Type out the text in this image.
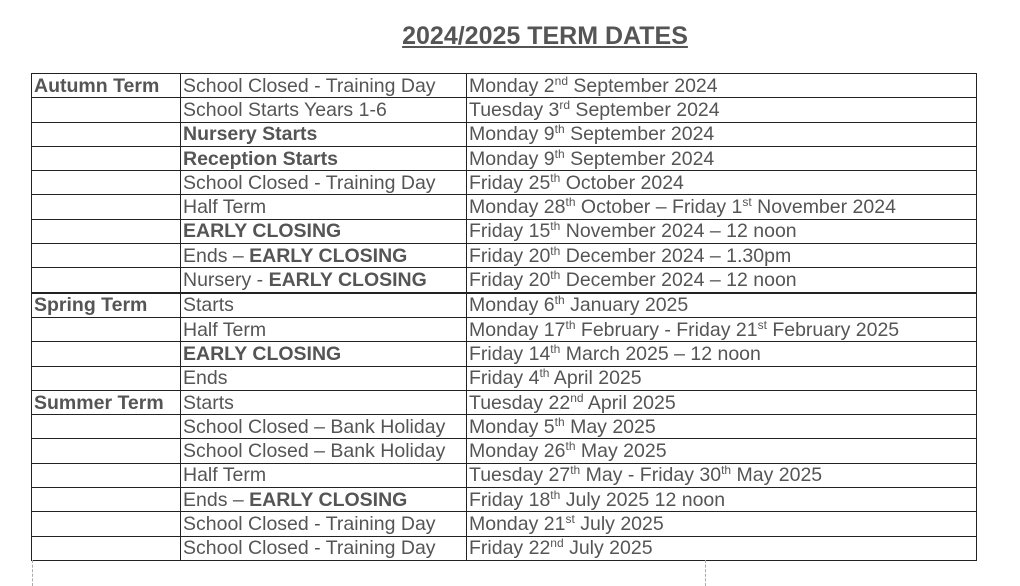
2024/2025 TERM DATES
Autumn Term	School Closed - Training Day	Monday 2nd September 2024
	School Starts Years 1-6	Tuesday 3rd September 2024
	Nursery Starts	Monday 9th September 2024
	Reception Starts	Monday 9th September 2024
	School Closed - Training Day	Friday 25th October 2024
	Half Term	Monday 28th October – Friday 1st November 2024
	EARLY CLOSING	Friday 15th November 2024 – 12 noon
	Ends – EARLY CLOSING	Friday 20th December 2024 – 1.30pm
	Nursery - EARLY CLOSING	Friday 20th December 2024 – 12 noon
Spring Term	Starts	Monday 6th January 2025
	Half Term	Monday 17th February - Friday 21st February 2025
	EARLY CLOSING	Friday 14th March 2025 – 12 noon
	Ends	Friday 4th April 2025
Summer Term	Starts	Tuesday 22nd April 2025
	School Closed – Bank Holiday	Monday 5th May 2025
	School Closed – Bank Holiday	Monday 26th May 2025
	Half Term	Tuesday 27th May - Friday 30th May 2025
	Ends – EARLY CLOSING	Friday 18th July 2025 12 noon
	School Closed - Training Day	Monday 21st July 2025
	School Closed - Training Day	Friday 22nd July 2025
